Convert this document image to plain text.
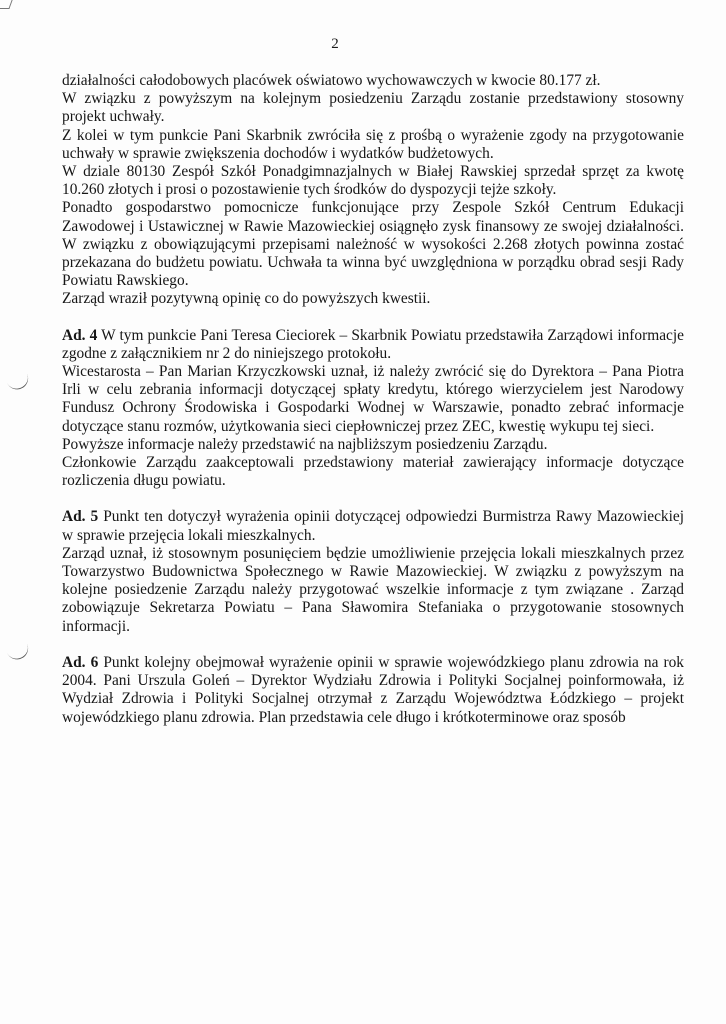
2

działalności całodobowych placówek oświatowo wychowawczych w kwocie 80.177 zł.

W związku z powyższym na kolejnym posiedzeniu Zarządu zostanie przedstawiony stosowny projekt uchwały.

Z kolei w tym punkcie Pani Skarbnik zwróciła się z prośbą o wyrażenie zgody na przygotowanie uchwały w sprawie zwiększenia dochodów i wydatków budżetowych.

W dziale 80130 Zespół Szkół Ponadgimnazjalnych w Białej Rawskiej sprzedał sprzęt za kwotę 10.260 złotych i prosi o pozostawienie tych środków do dyspozycji tejże szkoły.

Ponadto gospodarstwo pomocnicze funkcjonujące przy Zespole Szkół Centrum Edukacji Zawodowej i Ustawicznej w Rawie Mazowieckiej osiągnęło zysk finansowy ze swojej działalności. W związku z obowiązującymi przepisami należność w wysokości 2.268 złotych powinna zostać przekazana do budżetu powiatu. Uchwała ta winna być uwzględniona w porządku obrad sesji Rady Powiatu Rawskiego.

Zarząd wraził pozytywną opinię co do powyższych kwestii.

Ad. 4 W tym punkcie Pani Teresa Cieciorek – Skarbnik Powiatu przedstawiła Zarządowi informacje zgodne z załącznikiem nr 2 do niniejszego protokołu.

Wicestarosta – Pan Marian Krzyczkowski uznał, iż należy zwrócić się do Dyrektora – Pana Piotra Irli w celu zebrania informacji dotyczącej spłaty kredytu, którego wierzycielem jest Narodowy Fundusz Ochrony Środowiska i Gospodarki Wodnej w Warszawie, ponadto zebrać informacje dotyczące stanu rozmów, użytkowania sieci ciepłowniczej przez ZEC, kwestię wykupu tej sieci.

Powyższe informacje należy przedstawić na najbliższym posiedzeniu Zarządu.

Członkowie Zarządu zaakceptowali przedstawiony materiał zawierający informacje dotyczące rozliczenia długu powiatu.

Ad. 5 Punkt ten dotyczył wyrażenia opinii dotyczącej odpowiedzi Burmistrza Rawy Mazowieckiej w sprawie przejęcia lokali mieszkalnych.

Zarząd uznał, iż stosownym posunięciem będzie umożliwienie przejęcia lokali mieszkalnych przez Towarzystwo Budownictwa Społecznego w Rawie Mazowieckiej. W związku z powyższym na kolejne posiedzenie Zarządu należy przygotować wszelkie informacje z tym związane . Zarząd zobowiązuje Sekretarza Powiatu – Pana Sławomira Stefaniaka o przygotowanie stosownych informacji.

Ad. 6 Punkt kolejny obejmował wyrażenie opinii w sprawie wojewódzkiego planu zdrowia na rok 2004. Pani Urszula Goleń – Dyrektor Wydziału Zdrowia i Polityki Socjalnej poinformowała, iż Wydział Zdrowia i Polityki Socjalnej otrzymał z Zarządu Województwa Łódzkiego – projekt wojewódzkiego planu zdrowia. Plan przedstawia cele długo i krótkoterminowe oraz sposób
